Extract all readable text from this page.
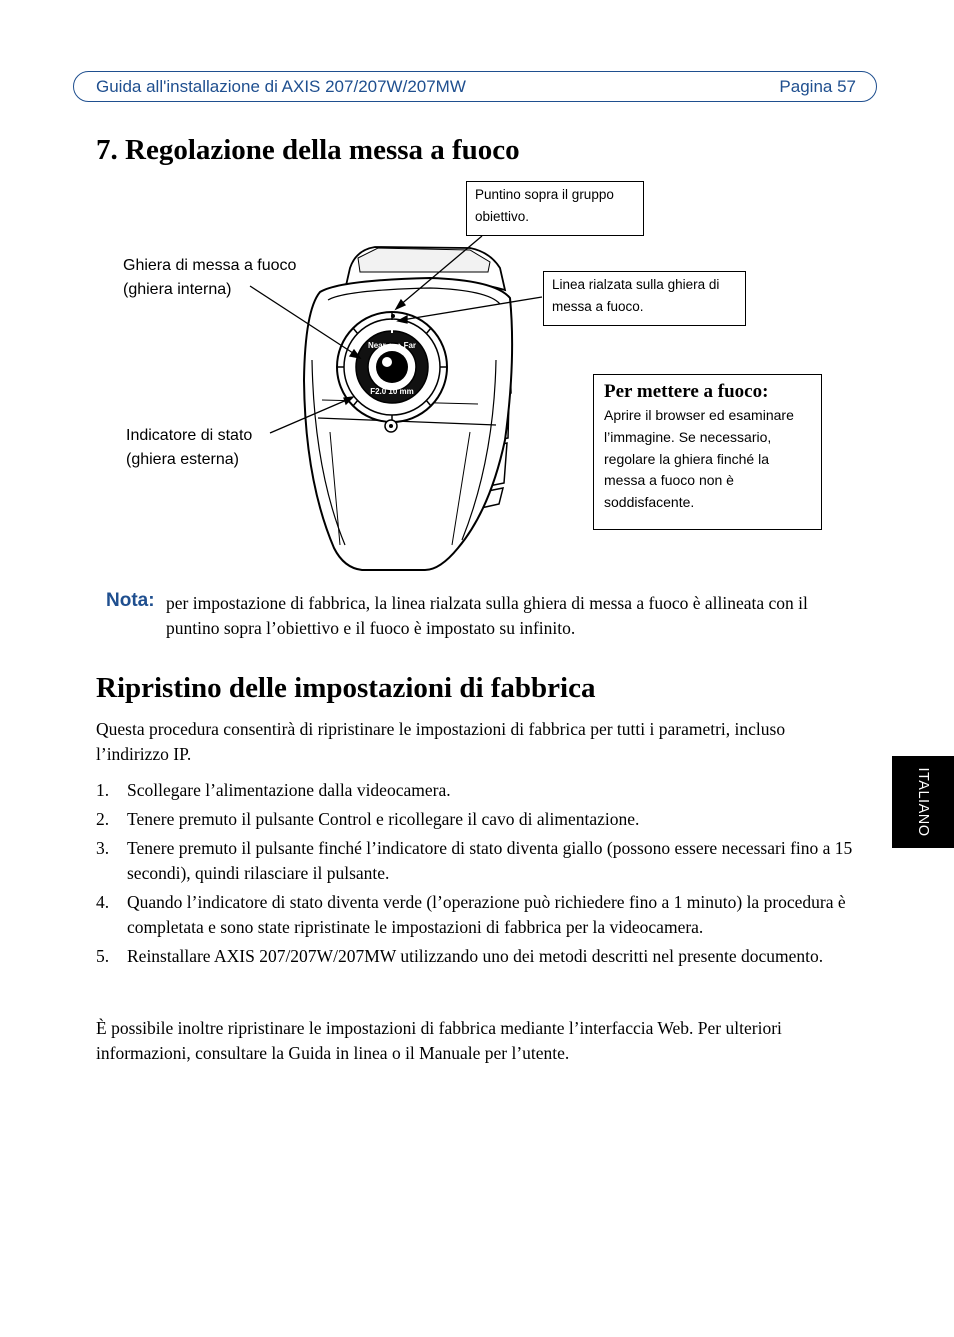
Guida all'installazione di AXIS 207/207W/207MW	Pagina 57
7. Regolazione della messa a fuoco
Near ⇦⇨ Far
F2.0 10 mm
Puntino sopra il gruppo obiettivo.
Linea rialzata sulla ghiera di messa a fuoco.
Ghiera di messa a fuoco
(ghiera interna)
Indicatore di stato
(ghiera esterna)
Per mettere a fuoco:
Aprire il browser ed esaminare l’immagine. Se necessario, regolare la ghiera finché la messa a fuoco non è soddisfacente.
Nota: per impostazione di fabbrica, la linea rialzata sulla ghiera di messa a fuoco è allineata con il puntino sopra l’obiettivo e il fuoco è impostato su infinito.
Ripristino delle impostazioni di fabbrica
Questa procedura consentirà di ripristinare le impostazioni di fabbrica per tutti i parametri, incluso l’indirizzo IP.
1. Scollegare l’alimentazione dalla videocamera.
2. Tenere premuto il pulsante Control e ricollegare il cavo di alimentazione.
3. Tenere premuto il pulsante finché l’indicatore di stato diventa giallo (possono essere necessari fino a 15 secondi), quindi rilasciare il pulsante.
4. Quando l’indicatore di stato diventa verde (l’operazione può richiedere fino a 1 minuto) la procedura è completata e sono state ripristinate le impostazioni di fabbrica per la videocamera.
5. Reinstallare AXIS 207/207W/207MW utilizzando uno dei metodi descritti nel presente documento.
È possibile inoltre ripristinare le impostazioni di fabbrica mediante l’interfaccia Web. Per ulteriori informazioni, consultare la Guida in linea o il Manuale per l’utente.
ITALIANO
